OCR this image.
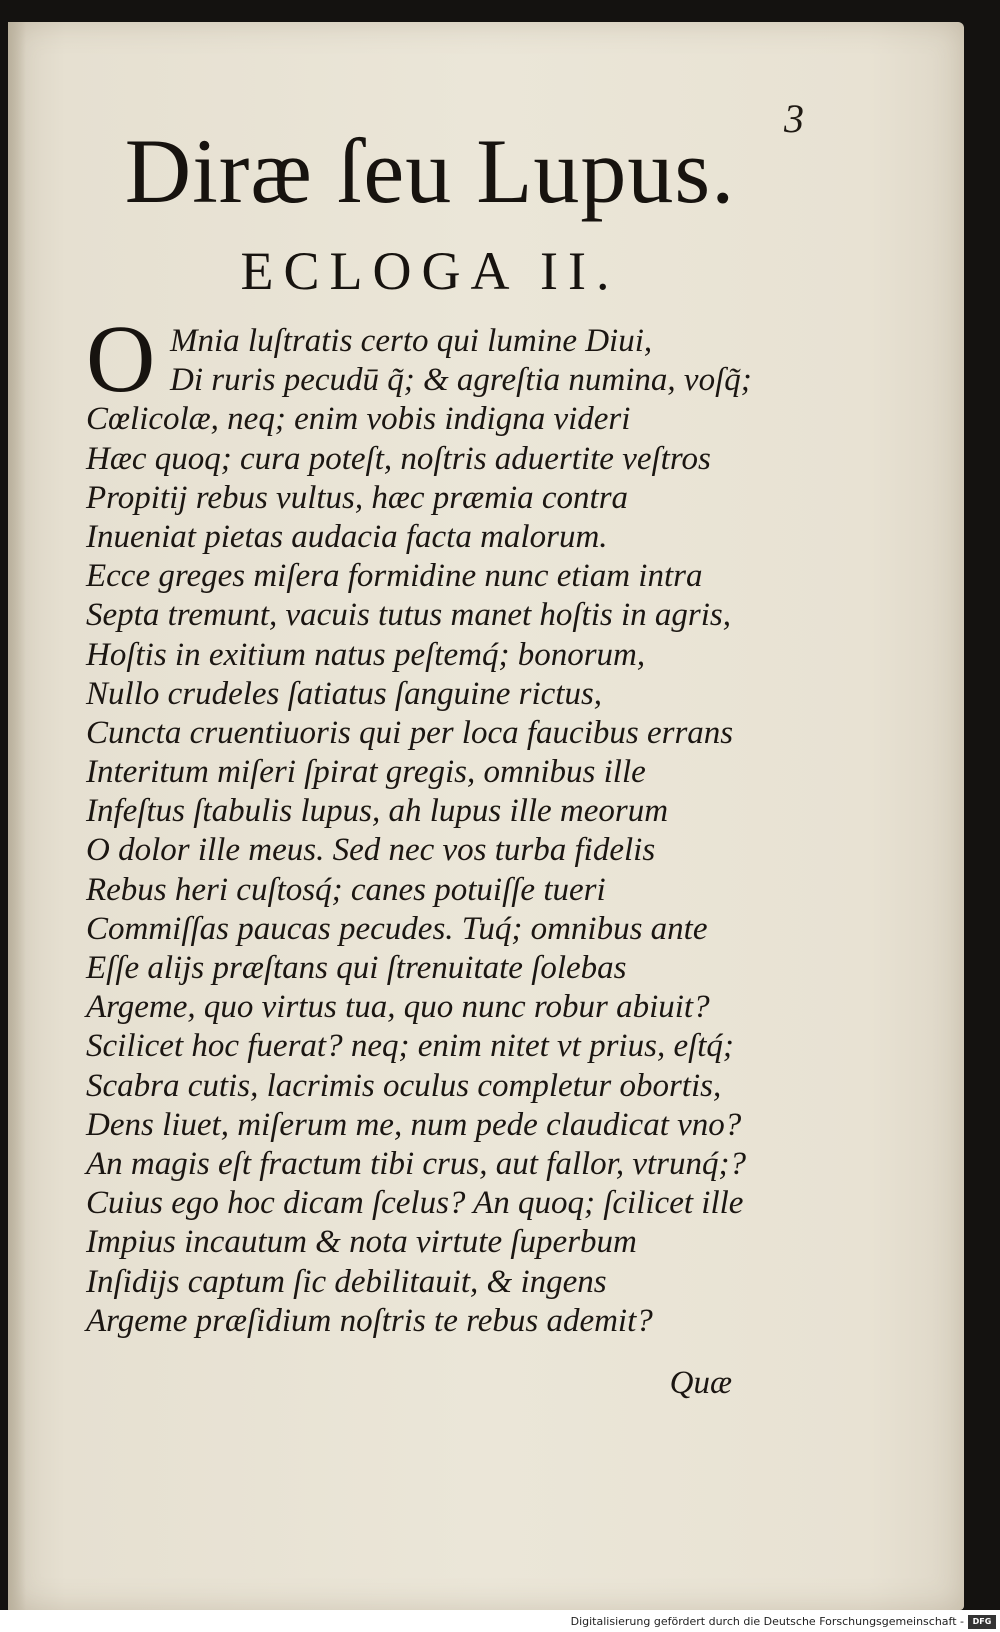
3
Diræ ſeu Lupus.
ECLOGA II.
O Mnia luſtratis certo qui lumine Diui,
Di ruris pecudū q̃; & agreſtia numina, voſq̃;
Cœlicolæ, neq; enim vobis indigna videri
Hæc quoq; cura poteſt, noſtris aduertite veſtros
Propitij rebus vultus, hæc præmia contra
Inueniat pietas audacia facta malorum.
Ecce greges miſera formidine nunc etiam intra
Septa tremunt, vacuis tutus manet hoſtis in agris,
Hoſtis in exitium natus peſtemq́; bonorum,
Nullo crudeles ſatiatus ſanguine rictus,
Cuncta cruentiuoris qui per loca faucibus errans
Interitum miſeri ſpirat gregis, omnibus ille
Infeſtus ſtabulis lupus, ah lupus ille meorum
O dolor ille meus. Sed nec vos turba fidelis
Rebus heri cuſtosq́; canes potuiſſe tueri
Commiſſas paucas pecudes. Tuq́; omnibus ante
Eſſe alijs præſtans qui ſtrenuitate ſolebas
Argeme, quo virtus tua, quo nunc robur abiuit?
Scilicet hoc fuerat? neq; enim nitet vt prius, eſtq́;
Scabra cutis, lacrimis oculus completur obortis,
Dens liuet, miſerum me, num pede claudicat vno?
An magis eſt fractum tibi crus, aut fallor, vtrunq́;?
Cuius ego hoc dicam ſcelus? An quoq; ſcilicet ille
Impius incautum & nota virtute ſuperbum
Inſidijs captum ſic debilitauit, & ingens
Argeme præſidium noſtris te rebus ademit?
Quæ
Digitalisierung gefördert durch die Deutsche Forschungsgemeinschaft -	DFG
